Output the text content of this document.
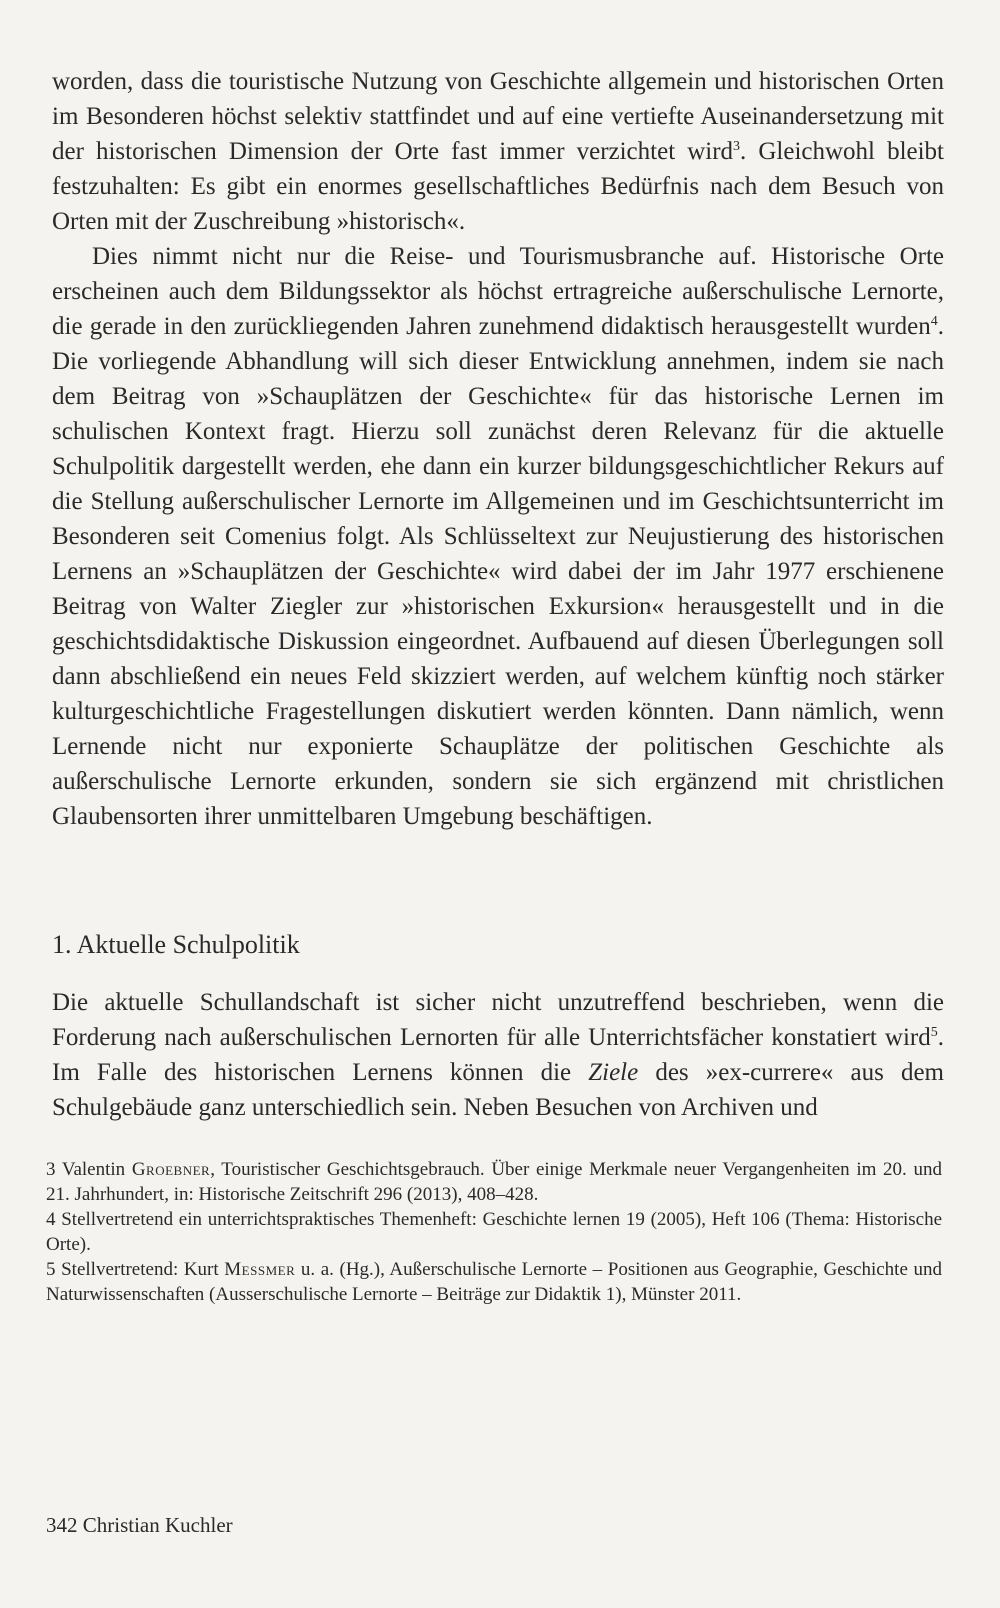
worden, dass die touristische Nutzung von Geschichte allgemein und historischen Orten im Besonderen höchst selektiv stattfindet und auf eine vertiefte Auseinandersetzung mit der historischen Dimension der Orte fast immer verzichtet wird$^3$. Gleichwohl bleibt festzuhalten: Es gibt ein enormes gesellschaftliches Bedürfnis nach dem Besuch von Orten mit der Zuschreibung »historisch«.

Dies nimmt nicht nur die Reise- und Tourismusbranche auf. Historische Orte erscheinen auch dem Bildungssektor als höchst ertragreiche außerschulische Lernorte, die gerade in den zurückliegenden Jahren zunehmend didaktisch herausgestellt wurden$^4$. Die vorliegende Abhandlung will sich dieser Entwicklung annehmen, indem sie nach dem Beitrag von »Schauplätzen der Geschichte« für das historische Lernen im schulischen Kontext fragt. Hierzu soll zunächst deren Relevanz für die aktuelle Schulpolitik dargestellt werden, ehe dann ein kurzer bildungsgeschichtlicher Rekurs auf die Stellung außerschulischer Lernorte im Allgemeinen und im Geschichtsunterricht im Besonderen seit Comenius folgt. Als Schlüsseltext zur Neujustierung des historischen Lernens an »Schauplätzen der Geschichte« wird dabei der im Jahr 1977 erschienene Beitrag von Walter Ziegler zur »historischen Exkursion« herausgestellt und in die geschichtsdidaktische Diskussion eingeordnet. Aufbauend auf diesen Überlegungen soll dann abschließend ein neues Feld skizziert werden, auf welchem künftig noch stärker kulturgeschichtliche Fragestellungen diskutiert werden könnten. Dann nämlich, wenn Lernende nicht nur exponierte Schauplätze der politischen Geschichte als außerschulische Lernorte erkunden, sondern sie sich ergänzend mit christlichen Glaubensorten ihrer unmittelbaren Umgebung beschäftigen.

1. Aktuelle Schulpolitik

Die aktuelle Schullandschaft ist sicher nicht unzutreffend beschrieben, wenn die Forderung nach außerschulischen Lernorten für alle Unterrichtsfächer konstatiert wird$^5$. Im Falle des historischen Lernens können die Ziele des »ex-currere« aus dem Schulgebäude ganz unterschiedlich sein. Neben Besuchen von Archiven und

3 Valentin Groebner, Touristischer Geschichtsgebrauch. Über einige Merkmale neuer Vergangenheiten im 20. und 21. Jahrhundert, in: Historische Zeitschrift 296 (2013), 408–428.

4 Stellvertretend ein unterrichtspraktisches Themenheft: Geschichte lernen 19 (2005), Heft 106 (Thema: Historische Orte).

5 Stellvertretend: Kurt Messmer u. a. (Hg.), Außerschulische Lernorte – Positionen aus Geographie, Geschichte und Naturwissenschaften (Ausserschulische Lernorte – Beiträge zur Didaktik 1), Münster 2011.

342 Christian Kuchler
